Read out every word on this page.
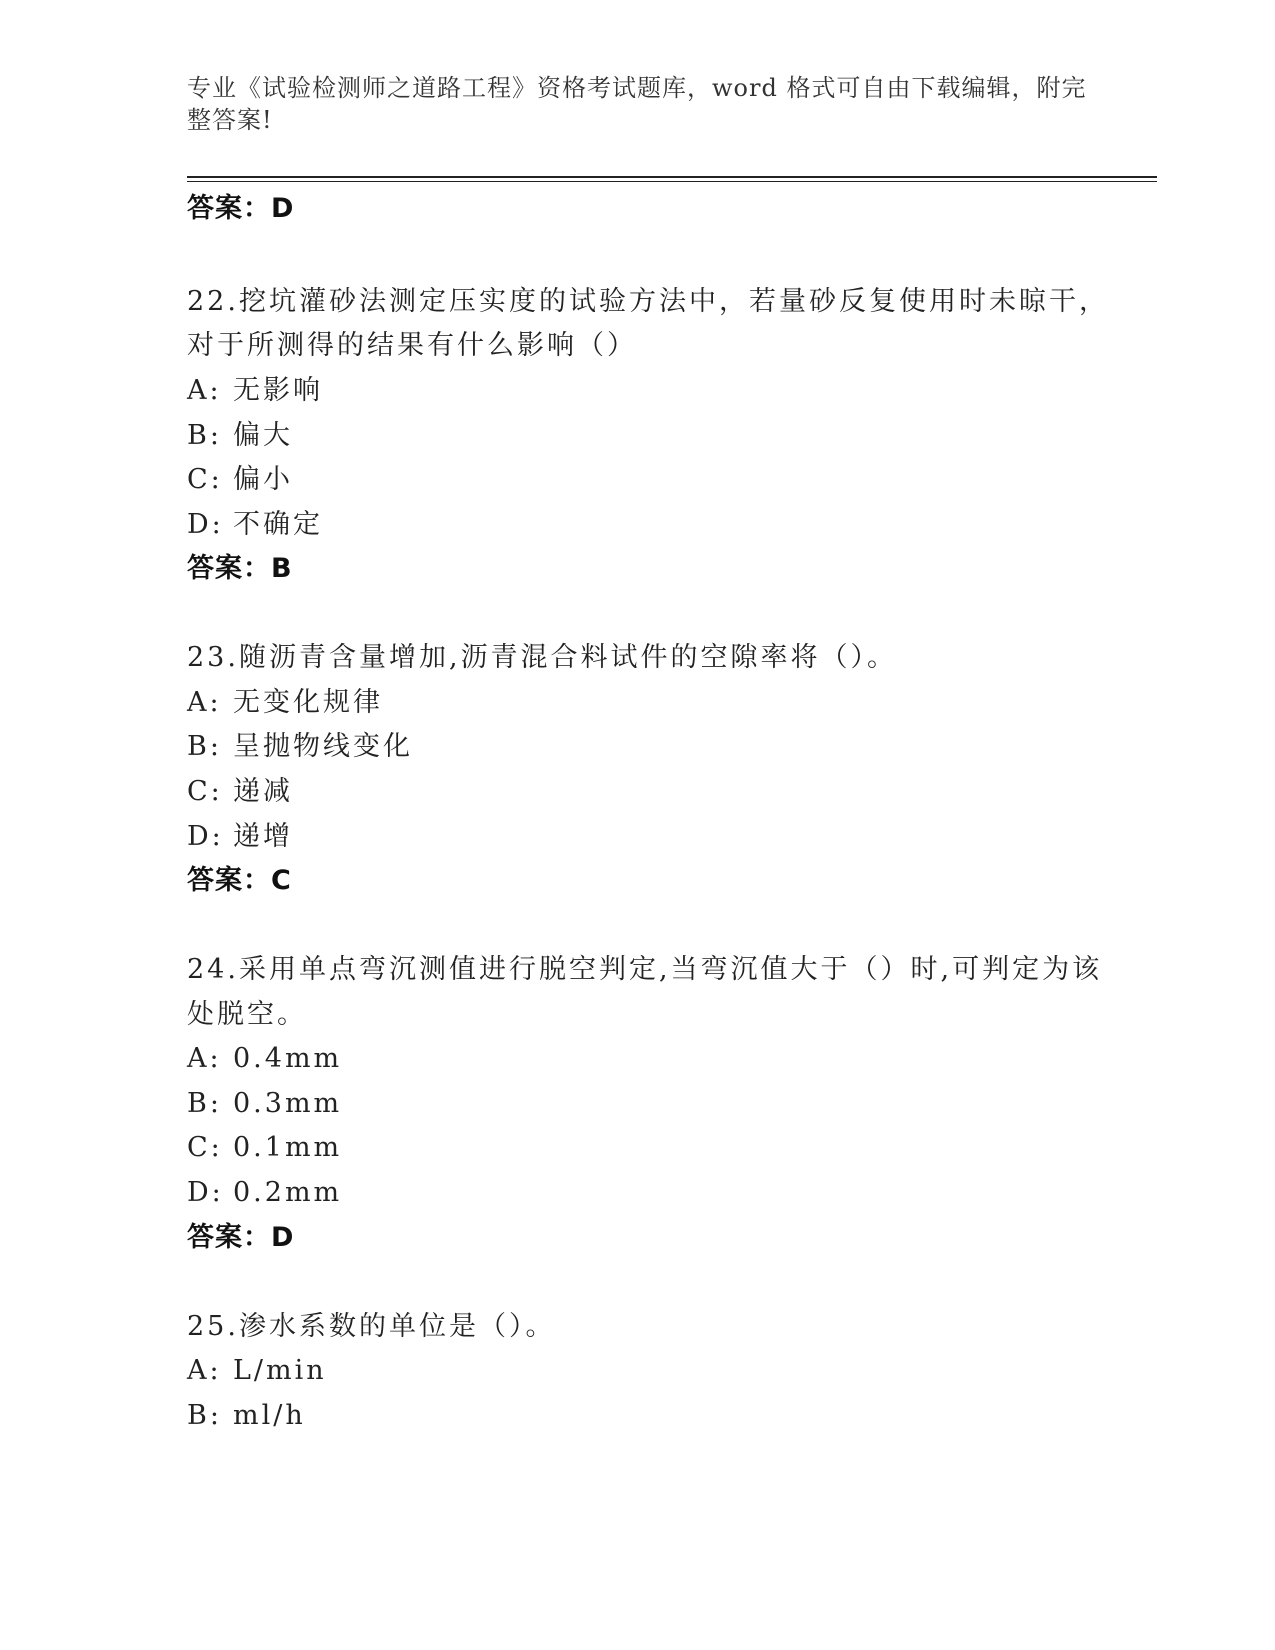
专业《试验检测师之道路工程》资格考试题库，word 格式可自由下载编辑，附完
整答案!
答案：D
22.挖坑灌砂法测定压实度的试验方法中，若量砂反复使用时未晾干，
对于所测得的结果有什么影响（）
A: 无影响
B: 偏大
C: 偏小
D: 不确定
答案：B
23.随沥青含量增加,沥青混合料试件的空隙率将（）。
A: 无变化规律
B: 呈抛物线变化
C: 递减
D: 递增
答案：C
24.采用单点弯沉测值进行脱空判定,当弯沉值大于（）时,可判定为该
处脱空。
A: 0.4mm
B: 0.3mm
C: 0.1mm
D: 0.2mm
答案：D
25.渗水系数的单位是（）。
A: L/min
B: ml/h
